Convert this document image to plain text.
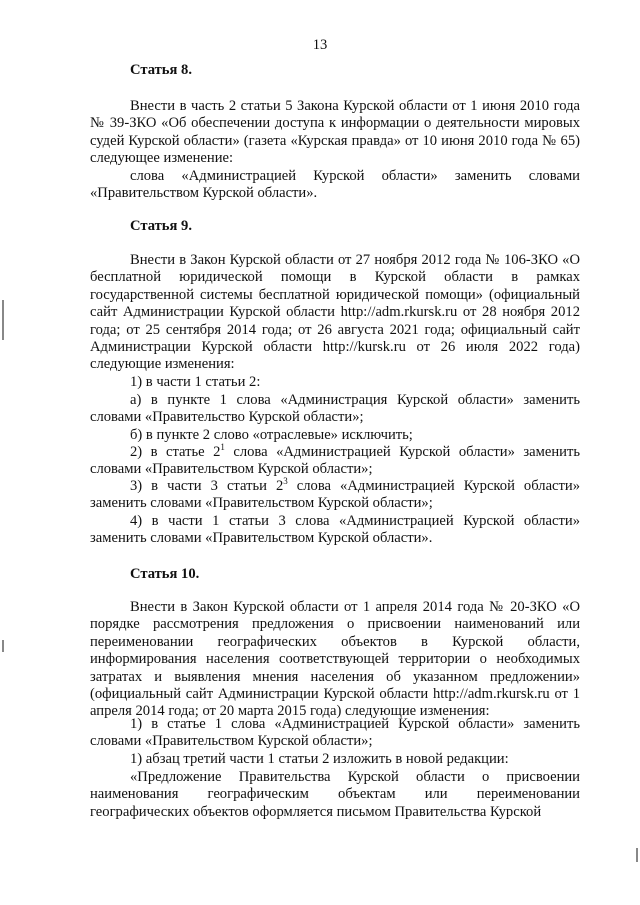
13
Статья 8.
Внести в часть 2 статьи 5 Закона Курской области от 1 июня 2010 года № 39-ЗКО «Об обеспечении доступа к информации о деятельности мировых судей Курской области» (газета «Курская правда» от 10 июня 2010 года № 65) следующее изменение:
слова «Администрацией Курской области» заменить словами «Правительством Курской области».
Статья 9.
Внести в Закон Курской области от 27 ноября 2012 года № 106-ЗКО «О бесплатной юридической помощи в Курской области в рамках государственной системы бесплатной юридической помощи» (официальный сайт Администрации Курской области http://adm.rkursk.ru от 28 ноября 2012 года; от 25 сентября 2014 года; от 26 августа 2021 года; официальный сайт Администрации Курской области http://kursk.ru от 26 июля 2022 года) следующие изменения:
1) в части 1 статьи 2:
а) в пункте 1 слова «Администрация Курской области» заменить словами «Правительство Курской области»;
б) в пункте 2 слово «отраслевые» исключить;
2) в статье $2^1$ слова «Администрацией Курской области» заменить словами «Правительством Курской области»;
3) в части 3 статьи $2^3$ слова «Администрацией Курской области» заменить словами «Правительством Курской области»;
4) в части 1 статьи 3 слова «Администрацией Курской области» заменить словами «Правительством Курской области».
Статья 10.
Внести в Закон Курской области от 1 апреля 2014 года № 20-ЗКО «О порядке рассмотрения предложения о присвоении наименований или переименовании географических объектов в Курской области, информирования населения соответствующей территории о необходимых затратах и выявления мнения населения об указанном предложении» (официальный сайт Администрации Курской области http://adm.rkursk.ru от 1 апреля 2014 года; от 20 марта 2015 года) следующие изменения:
1) в статье 1 слова «Администрацией Курской области» заменить словами «Правительством Курской области»;
1) абзац третий части 1 статьи 2 изложить в новой редакции:
«Предложение Правительства Курской области о присвоении наименования географическим объектам или переименовании географических объектов оформляется письмом Правительства Курской
